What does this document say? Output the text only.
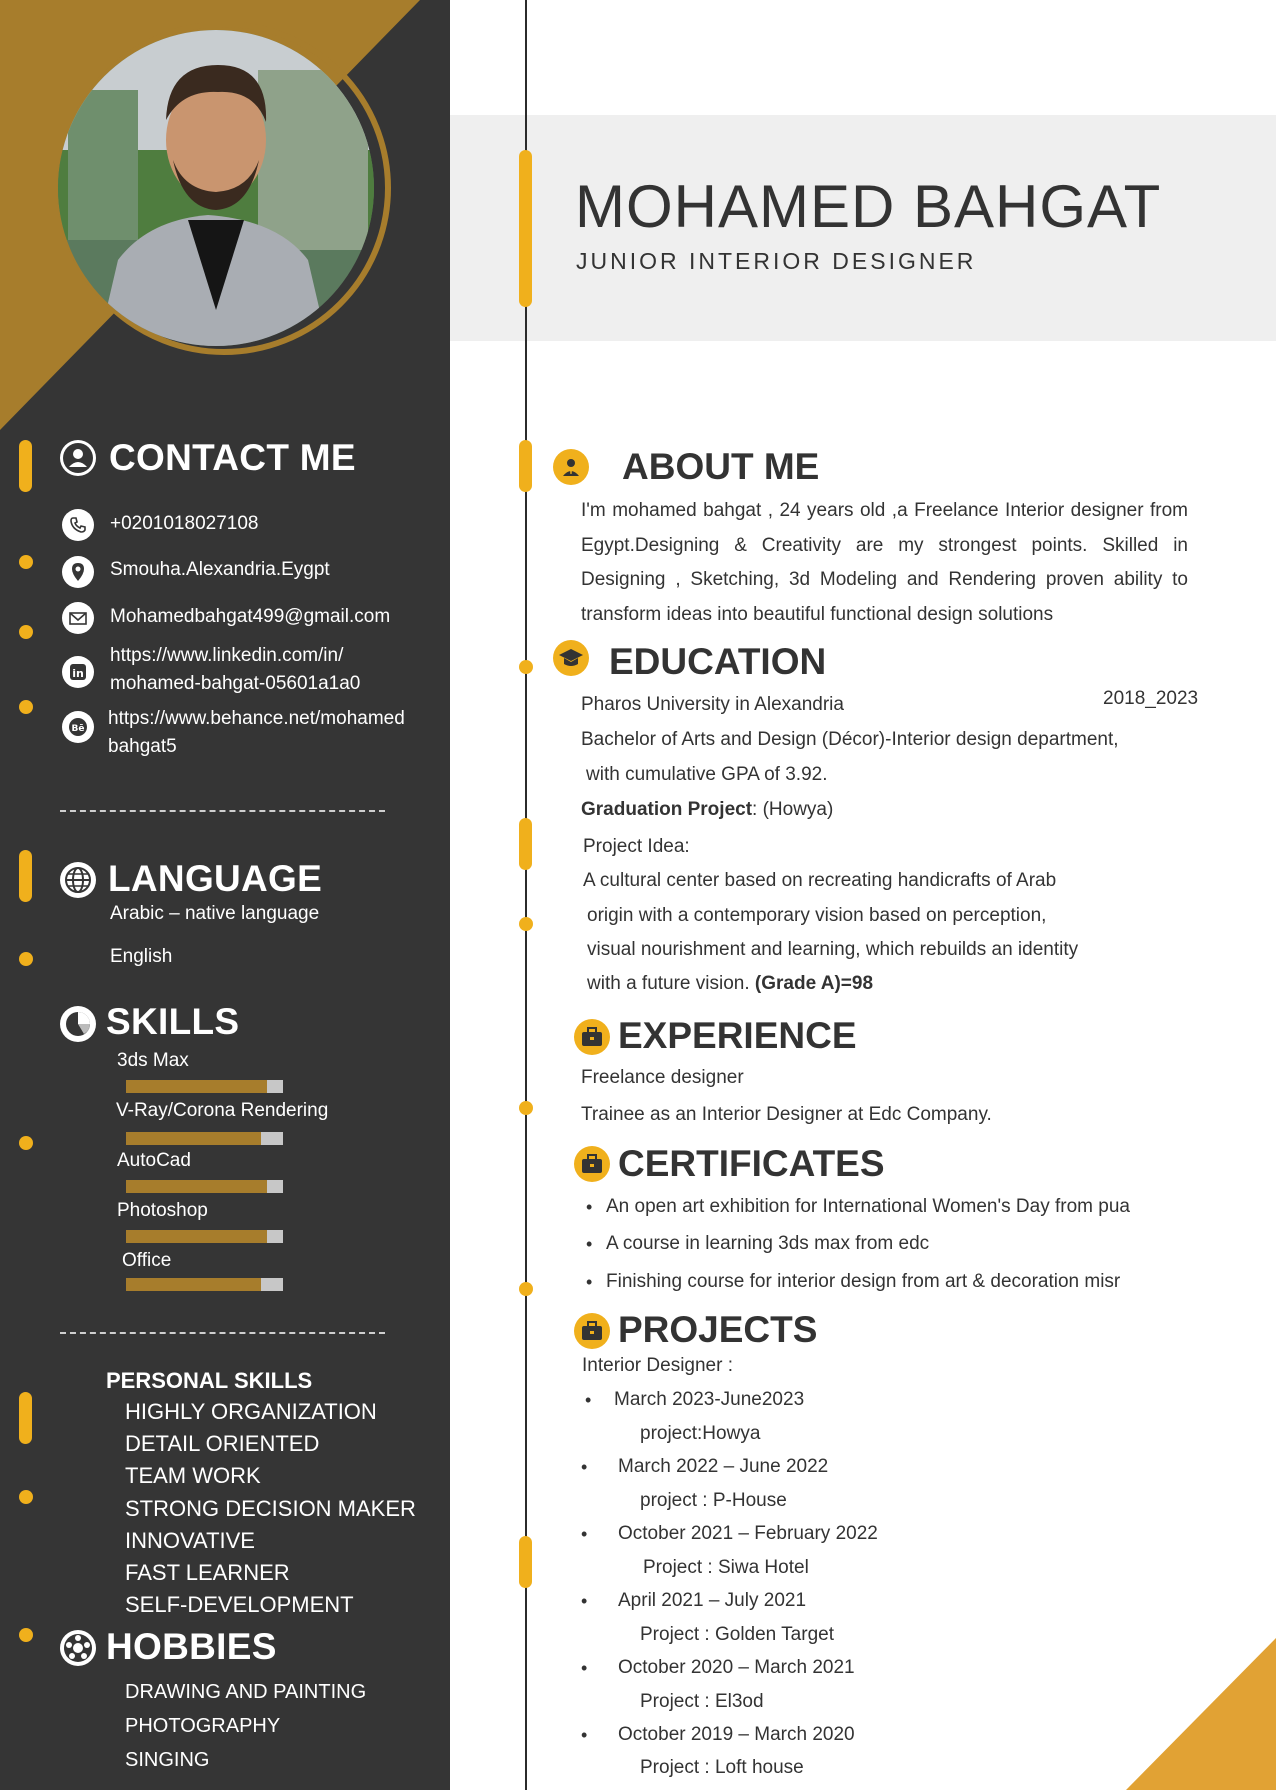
CONTACT ME
+0201018027108
Smouha.Alexandria.Eygpt
Mohamedbahgat499@gmail.com
in
https://www.linkedin.com/in/
mohamed-bahgat-05601a1a0
Bē https://www.behance.net/mohamed
bahgat5
LANGUAGE
Arabic – native language
English
SKILLS
3ds Max
V-Ray/Corona Rendering
AutoCad
Photoshop
Office
PERSONAL SKILLS
HIGHLY ORGANIZATION
DETAIL ORIENTED
TEAM WORK
STRONG DECISION MAKER
INNOVATIVE
FAST LEARNER
SELF-DEVELOPMENT
HOBBIES
DRAWING AND PAINTING
PHOTOGRAPHY
SINGING
MOHAMED BAHGAT
JUNIOR INTERIOR DESIGNER
ABOUT ME
I'm mohamed bahgat , 24 years old ,a Freelance Interior designer from Egypt.Designing & Creativity are my strongest points. Skilled in Designing , Sketching, 3d Modeling and Rendering proven ability to transform ideas into beautiful functional design solutions
EDUCATION
Pharos University in Alexandria	2018_2023
Bachelor of Arts and Design (Décor)-Interior design department,
with cumulative GPA of 3.92.
Graduation Project: (Howya)
Project Idea:
A cultural center based on recreating handicrafts of Arab
origin with a contemporary vision based on perception,
visual nourishment and learning, which rebuilds an identity
with a future vision. (Grade A)=98
EXPERIENCE
Freelance designer
Trainee as an Interior Designer at Edc Company.
CERTIFICATES
• An open art exhibition for International Women's Day from pua
• A course in learning 3ds max from edc
• Finishing course for interior design from art & decoration misr
PROJECTS
Interior Designer :
• March 2023-June2023
project:Howya
• March 2022 – June 2022
project : P-House
• October 2021 – February 2022
Project : Siwa Hotel
• April 2021 – July 2021
Project : Golden Target
• October 2020 – March 2021
Project : El3od
• October 2019 – March 2020
Project : Loft house
